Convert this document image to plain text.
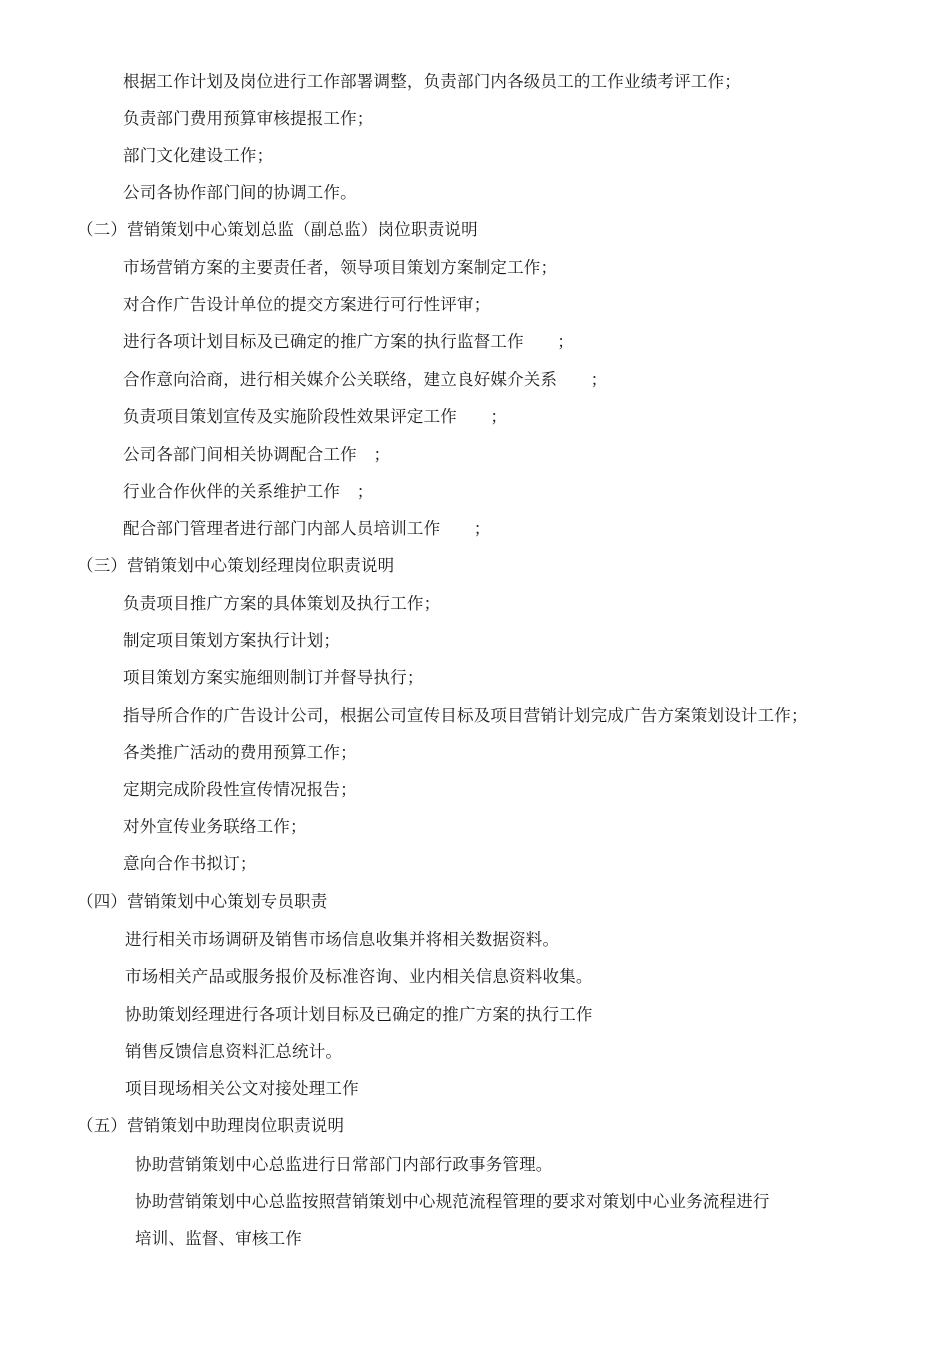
根据工作计划及岗位进行工作部署调整，负责部门内各级员工的工作业绩考评工作；
负责部门费用预算审核提报工作；
部门文化建设工作；
公司各协作部门间的协调工作。
（二）营销策划中心策划总监（副总监）岗位职责说明
市场营销方案的主要责任者，领导项目策划方案制定工作；
对合作广告设计单位的提交方案进行可行性评审；
进行各项计划目标及已确定的推广方案的执行监督工作　　；
合作意向洽商，进行相关媒介公关联络，建立良好媒介关系　　；
负责项目策划宣传及实施阶段性效果评定工作　　；
公司各部门间相关协调配合工作　；
行业合作伙伴的关系维护工作　；
配合部门管理者进行部门内部人员培训工作　　；
（三）营销策划中心策划经理岗位职责说明
负责项目推广方案的具体策划及执行工作；
制定项目策划方案执行计划；
项目策划方案实施细则制订并督导执行；
指导所合作的广告设计公司，根据公司宣传目标及项目营销计划完成广告方案策划设计工作；
各类推广活动的费用预算工作；
定期完成阶段性宣传情况报告；
对外宣传业务联络工作；
意向合作书拟订；
（四）营销策划中心策划专员职责
进行相关市场调研及销售市场信息收集并将相关数据资料。
市场相关产品或服务报价及标准咨询、业内相关信息资料收集。
协助策划经理进行各项计划目标及已确定的推广方案的执行工作
销售反馈信息资料汇总统计。
项目现场相关公文对接处理工作
（五）营销策划中助理岗位职责说明
协助营销策划中心总监进行日常部门内部行政事务管理。
协助营销策划中心总监按照营销策划中心规范流程管理的要求对策划中心业务流程进行
培训、监督、审核工作
